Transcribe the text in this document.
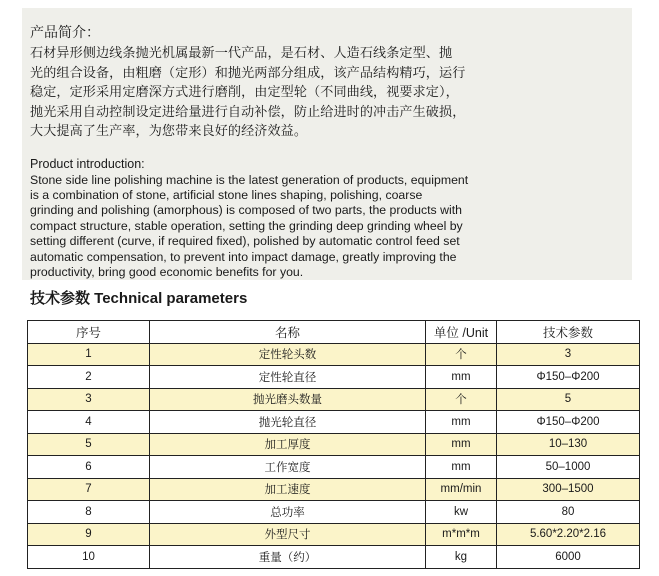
产品简介：

石材异形侧边线条抛光机属最新一代产品，是石材、人造石线条定型、抛

光的组合设备，由粗磨（定形）和抛光两部分组成，该产品结构精巧，运行

稳定，定形采用定磨深方式进行磨削，由定型轮（不同曲线，视要求定），

抛光采用自动控制设定进给量进行自动补偿，防止给进时的冲击产生破损，

大大提高了生产率，为您带来良好的经济效益。

Product introduction:

Stone side line polishing machine is the latest generation of products, equipment

is a combination of stone, artificial stone lines shaping, polishing, coarse

grinding and polishing (amorphous) is composed of two parts, the products with

compact structure, stable operation, setting the grinding deep grinding wheel by

setting different (curve, if required fixed), polished by automatic control feed set

automatic compensation, to prevent into impact damage, greatly improving the

productivity, bring good economic benefits for you.

技术参数 Technical parameters
序号	名称	单位 /Unit	技术参数
1	定性轮头数	个	3
2	定性轮直径	mm	Φ150–Φ200
3	抛光磨头数量	个	5
4	抛光轮直径	mm	Φ150–Φ200
5	加工厚度	mm	10–130
6	工作宽度	mm	50–1000
7	加工速度	mm/min	300–1500
8	总功率	kw	80
9	外型尺寸	m*m*m	5.60*2.20*2.16
10	重量（约）	kg	6000
